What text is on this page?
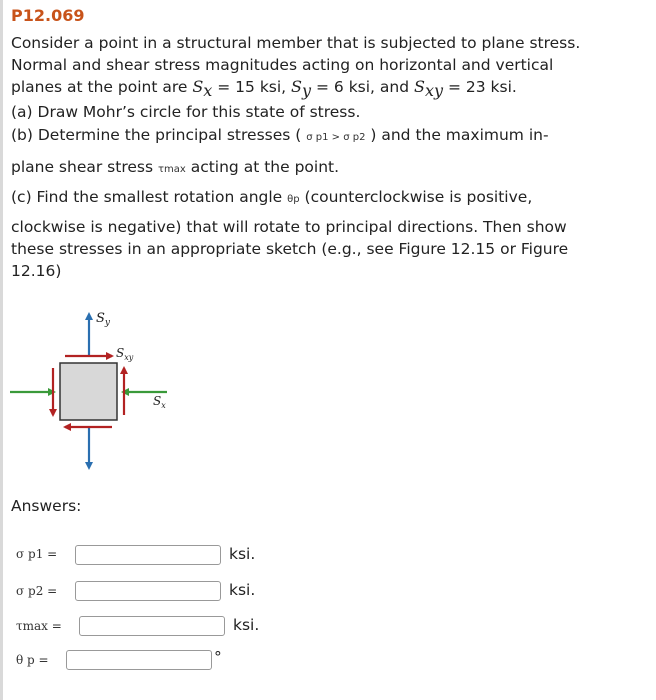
P12.069
Consider a point in a structural member that is subjected to plane stress.
Normal and shear stress magnitudes acting on horizontal and vertical
planes at the point are $S_x = 15$ ksi, $S_y = 6$ ksi, and $S_{xy} = 23$ ksi.
(a) Draw Mohr’s circle for this state of stress.
(b) Determine the principal stresses ( σ p1 > σ p2 ) and the maximum in-
plane shear stress τmax acting at the point.
(c) Find the smallest rotation angle θp (counterclockwise is positive,
clockwise is negative) that will rotate to principal directions. Then show
these stresses in an appropriate sketch (e.g., see Figure 12.15 or Figure
12.16)
$S_y$
$S_{xy}$
$S_x$
Answers:
σ p1 =	ksi.
σ p2 =	ksi.
τmax =	ksi.
θ p =	°
